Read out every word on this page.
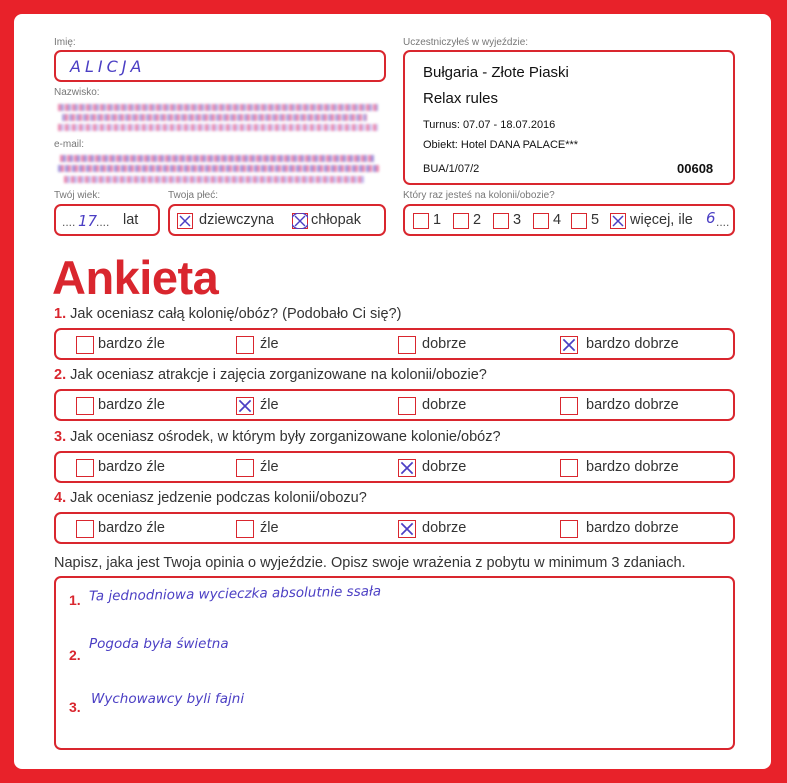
Imię:
ALICJA
Nazwisko:
e-mail:
Twój wiek:
.... 17
.... lat
Twoja płeć:
dziewczyna	chłopak
Uczestniczyłeś w wyjeździe:
Bułgaria - Złote Piaski
Relax rules
Turnus: 07.07 - 18.07.2016
Obiekt: Hotel DANA PALACE***
BUA/1/07/2	00608
Który raz jesteś na kolonii/obozie?
1 2 3 4 5 więcej, ile 6 ....
Ankieta
1. Jak oceniasz całą kolonię/obóz? (Podobało Ci się?)
bardzo źle	źle	dobrze	bardzo dobrze
2. Jak oceniasz atrakcje i zajęcia zorganizowane na kolonii/obozie?
bardzo źle	źle	dobrze	bardzo dobrze
3. Jak oceniasz ośrodek, w którym były zorganizowane kolonie/obóz?
bardzo źle	źle	dobrze	bardzo dobrze
4. Jak oceniasz jedzenie podczas kolonii/obozu?
bardzo źle	źle	dobrze	bardzo dobrze
Napisz, jaka jest Twoja opinia o wyjeździe. Opisz swoje wrażenia z pobytu w minimum 3 zdaniach.
1. Ta jednodniowa wycieczka absolutnie ssała
2.
Pogoda była świetna
3. Wychowawcy byli fajni
